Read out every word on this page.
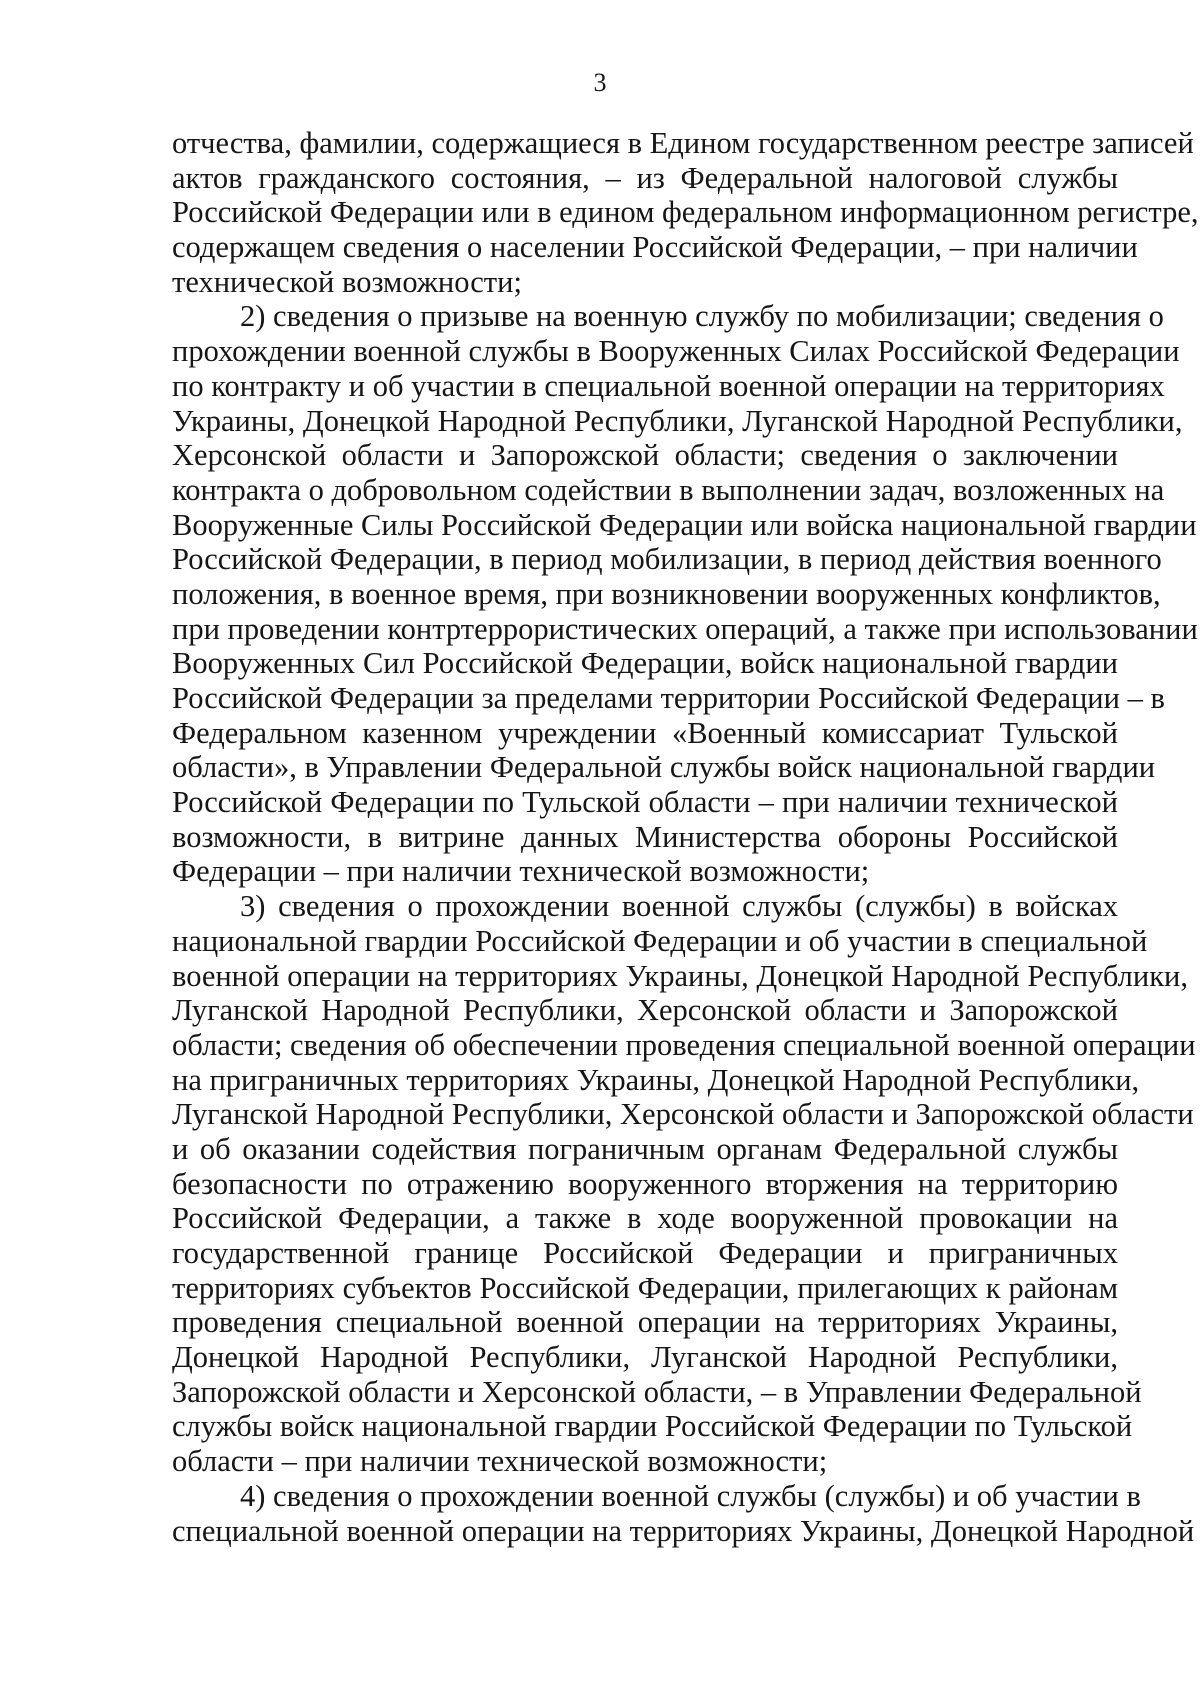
3
отчества, фамилии, содержащиеся в Едином государственном реестре записей
актов гражданского состояния, – из Федеральной налоговой службы
Российской Федерации или в едином федеральном информационном регистре,
содержащем сведения о населении Российской Федерации, – при наличии
технической возможности;
2) сведения о призыве на военную службу по мобилизации; сведения о
прохождении военной службы в Вооруженных Силах Российской Федерации
по контракту и об участии в специальной военной операции на территориях
Украины, Донецкой Народной Республики, Луганской Народной Республики,
Херсонской области и Запорожской области; сведения о заключении
контракта о добровольном содействии в выполнении задач, возложенных на
Вооруженные Силы Российской Федерации или войска национальной гвардии
Российской Федерации, в период мобилизации, в период действия военного
положения, в военное время, при возникновении вооруженных конфликтов,
при проведении контртеррористических операций, а также при использовании
Вооруженных Сил Российской Федерации, войск национальной гвардии
Российской Федерации за пределами территории Российской Федерации – в
Федеральном казенном учреждении «Военный комиссариат Тульской
области», в Управлении Федеральной службы войск национальной гвардии
Российской Федерации по Тульской области – при наличии технической
возможности, в витрине данных Министерства обороны Российской
Федерации – при наличии технической возможности;
3) сведения о прохождении военной службы (службы) в войсках
национальной гвардии Российской Федерации и об участии в специальной
военной операции на территориях Украины, Донецкой Народной Республики,
Луганской Народной Республики, Херсонской области и Запорожской
области; сведения об обеспечении проведения специальной военной операции
на приграничных территориях Украины, Донецкой Народной Республики,
Луганской Народной Республики, Херсонской области и Запорожской области
и об оказании содействия пограничным органам Федеральной службы
безопасности по отражению вооруженного вторжения на территорию
Российской Федерации, а также в ходе вооруженной провокации на
государственной границе Российской Федерации и приграничных
территориях субъектов Российской Федерации, прилегающих к районам
проведения специальной военной операции на территориях Украины,
Донецкой Народной Республики, Луганской Народной Республики,
Запорожской области и Херсонской области, – в Управлении Федеральной
службы войск национальной гвардии Российской Федерации по Тульской
области – при наличии технической возможности;
4) сведения о прохождении военной службы (службы) и об участии в
специальной военной операции на территориях Украины, Донецкой Народной
